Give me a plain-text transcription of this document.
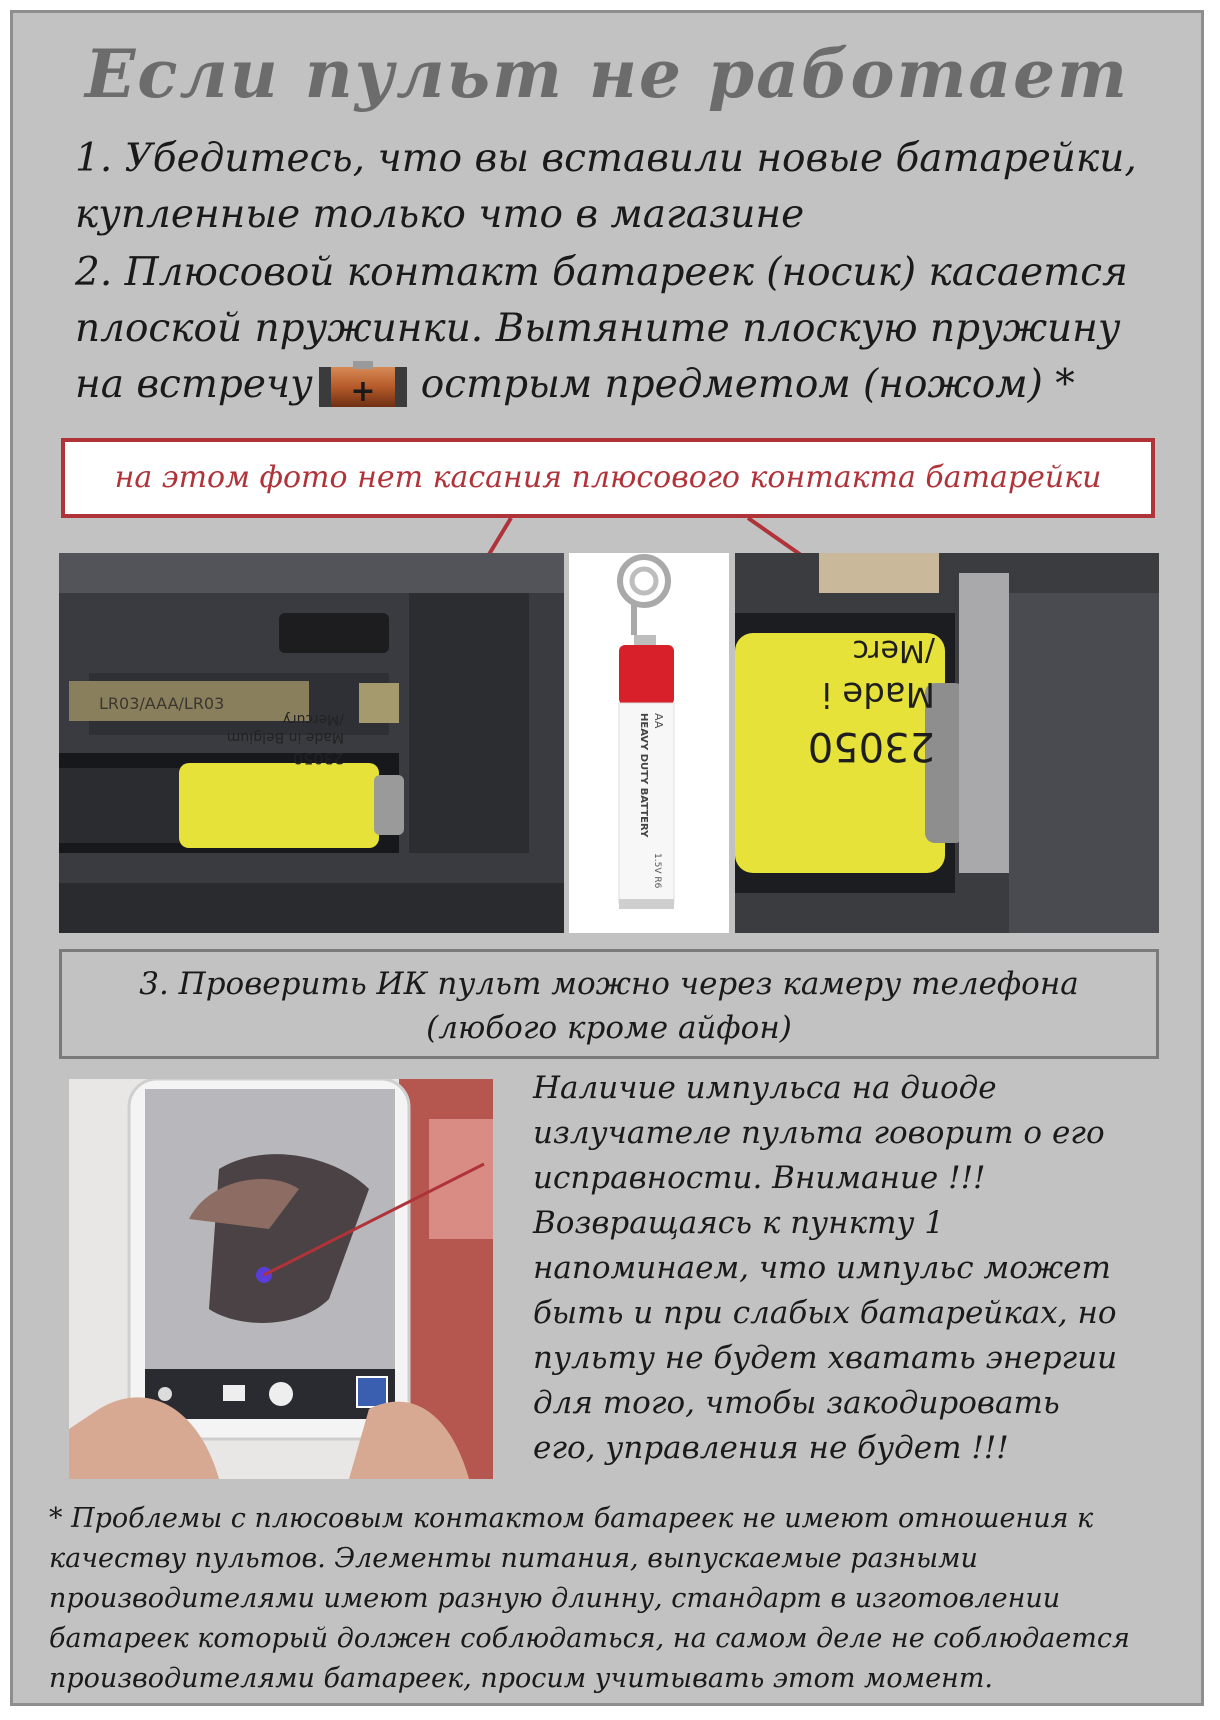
Если пульт не работает

1. Убедитесь, что вы вставили новые батарейки, купленные только что в магазине

2. Плюсовой контакт батареек (носик) касается плоской пружинки. Вытяните плоскую пружину на встречу + острым предметом (ножом) *

на этом фото нет касания плюсового контакта батарейки
LR03/AAA/LR03
23050
Made in Belgium
/Mercury	AA
HEAVY DUTY BATTERY
1.5V R6
23050
Made i
/Merc
3. Проверить ИК пульт можно через камеру телефона
(любого кроме айфон)
Наличие импульса на диоде
излучателе пульта говорит о его
исправности. Внимание !!!
Возвращаясь к пункту 1
напоминаем, что импульс может
быть и при слабых батарейках, но
пульту не будет хватать энергии
для того, чтобы закодировать
его, управления не будет !!!
* Проблемы с плюсовым контактом батареек не имеют отношения к
качеству пультов. Элементы питания, выпускаемые разными
производителями имеют разную длинну, стандарт в изготовлении
батареек который должен соблюдаться, на самом деле не соблюдается
производителями батареек, просим учитывать этот момент.
